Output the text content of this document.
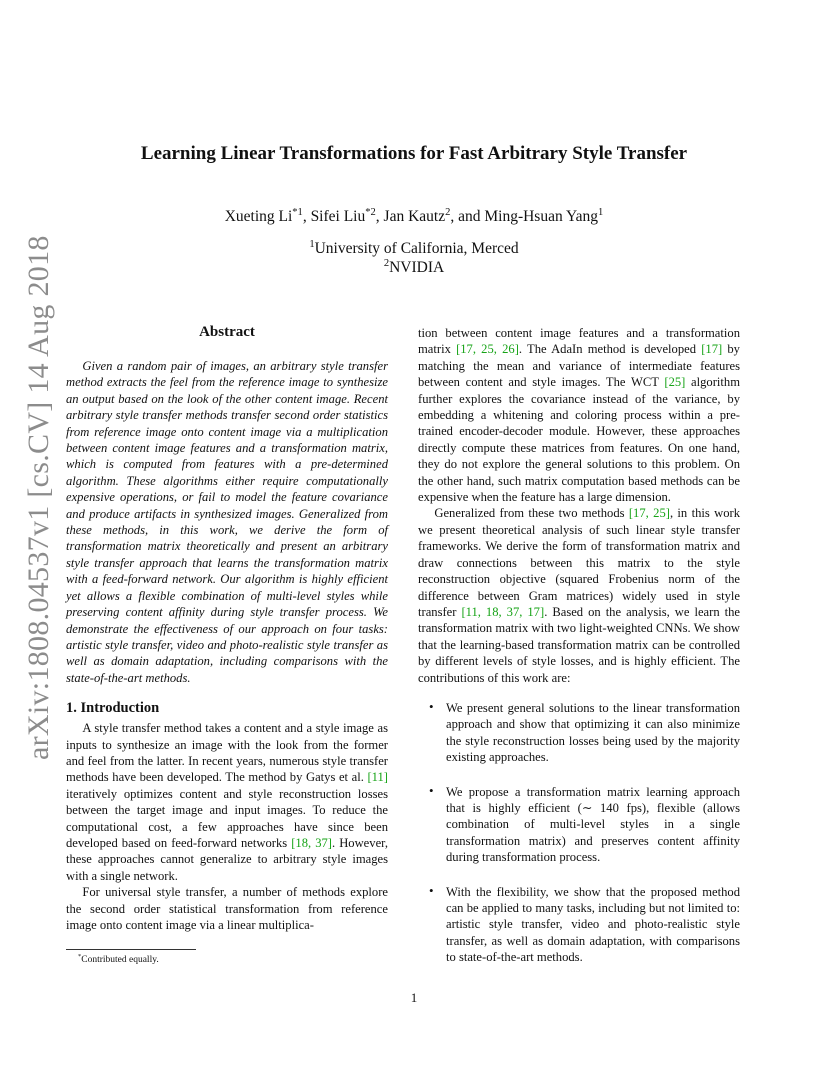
arXiv:1808.04537v1 [cs.CV] 14 Aug 2018
Learning Linear Transformations for Fast Arbitrary Style Transfer
Xueting Li$^{*1}$, Sifei Liu$^{*2}$, Jan Kautz$^2$, and Ming-Hsuan Yang$^1$
$^1$University of California, Merced
$^2$NVIDIA
Abstract

Given a random pair of images, an arbitrary style transfer method extracts the feel from the reference image to synthesize an output based on the look of the other content image. Recent arbitrary style transfer methods transfer second order statistics from reference image onto content image via a multiplication between content image features and a transformation matrix, which is computed from features with a pre-determined algorithm. These algorithms either require computationally expensive operations, or fail to model the feature covariance and produce artifacts in synthesized images. Generalized from these methods, in this work, we derive the form of transformation matrix theoretically and present an arbitrary style transfer approach that learns the transformation matrix with a feed-forward network. Our algorithm is highly efficient yet allows a flexible combination of multi-level styles while preserving content affinity during style transfer process. We demonstrate the effectiveness of our approach on four tasks: artistic style transfer, video and photo-realistic style transfer as well as domain adaptation, including comparisons with the state-of-the-art methods.

1. Introduction

A style transfer method takes a content and a style image as inputs to synthesize an image with the look from the former and feel from the latter. In recent years, numerous style transfer methods have been developed. The method by Gatys et al. [11] iteratively optimizes content and style reconstruction losses between the target image and input images. To reduce the computational cost, a few approaches have since been developed based on feed-forward networks [18, 37]. However, these approaches cannot generalize to arbitrary style images with a single network.

For universal style transfer, a number of methods explore the second order statistical transformation from reference image onto content image via a linear multiplica-

*Contributed equally.

tion between content image features and a transformation matrix [17, 25, 26]. The AdaIn method is developed [17] by matching the mean and variance of intermediate features between content and style images. The WCT [25] algorithm further explores the covariance instead of the variance, by embedding a whitening and coloring process within a pre-trained encoder-decoder module. However, these approaches directly compute these matrices from features. On one hand, they do not explore the general solutions to this problem. On the other hand, such matrix computation based methods can be expensive when the feature has a large dimension.

Generalized from these two methods [17, 25], in this work we present theoretical analysis of such linear style transfer frameworks. We derive the form of transformation matrix and draw connections between this matrix to the style reconstruction objective (squared Frobenius norm of the difference between Gram matrices) widely used in style transfer [11, 18, 37, 17]. Based on the analysis, we learn the transformation matrix with two light-weighted CNNs. We show that the learning-based transformation matrix can be controlled by different levels of style losses, and is highly efficient. The contributions of this work are:

• We present general solutions to the linear transformation approach and show that optimizing it can also minimize the style reconstruction losses being used by the majority existing approaches.
• We propose a transformation matrix learning approach that is highly efficient (∼ 140 fps), flexible (allows combination of multi-level styles in a single transformation matrix) and preserves content affinity during transformation process.
• With the flexibility, we show that the proposed method can be applied to many tasks, including but not limited to: artistic style transfer, video and photo-realistic style transfer, as well as domain adaptation, with comparisons to state-of-the-art methods.
1
